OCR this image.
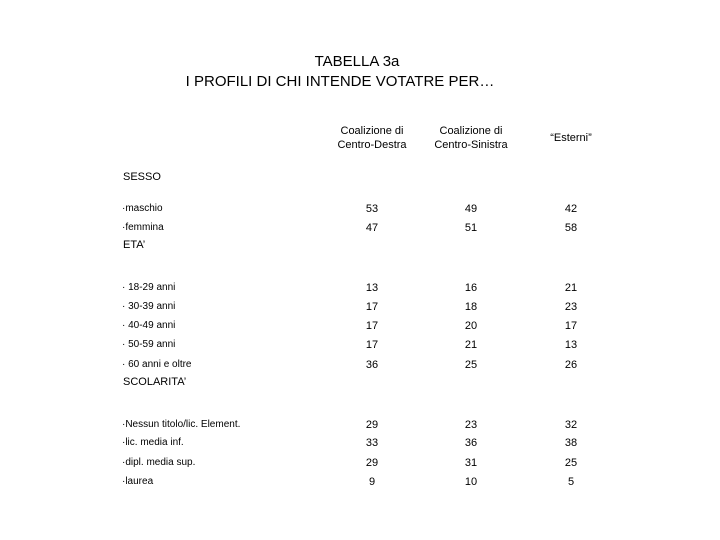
TABELLA 3a
I PROFILI DI CHI INTENDE VOTATRE PER…
Coalizione di
Centro-Destra
Coalizione di
Centro-Sinistra
“Esterni”
SESSO
·maschio	53	49	42
·femmina	47	51	58
ETA’
· 18-29 anni	13	16	21
· 30-39 anni	17	18	23
· 40-49 anni	17	20	17
· 50-59 anni	17	21	13
· 60 anni e oltre	36	25	26
SCOLARITA’
·Nessun titolo/lic. Element.	29	23	32
·lic. media inf.	33	36	38
·dipl. media sup.	29	31	25
·laurea	9	10	5
